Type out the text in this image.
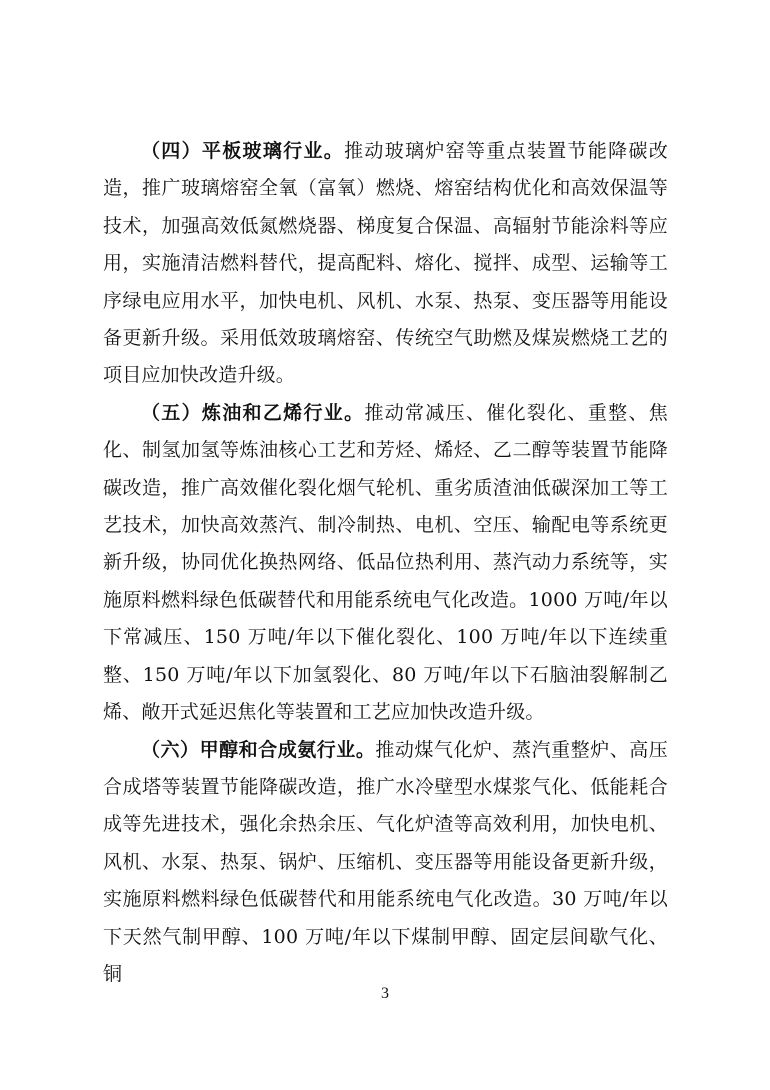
（四）平板玻璃行业。推动玻璃炉窑等重点装置节能降碳改造，推广玻璃熔窑全氧（富氧）燃烧、熔窑结构优化和高效保温等技术，加强高效低氮燃烧器、梯度复合保温、高辐射节能涂料等应用，实施清洁燃料替代，提高配料、熔化、搅拌、成型、运输等工序绿电应用水平，加快电机、风机、水泵、热泵、变压器等用能设备更新升级。采用低效玻璃熔窑、传统空气助燃及煤炭燃烧工艺的项目应加快改造升级。

（五）炼油和乙烯行业。推动常减压、催化裂化、重整、焦化、制氢加氢等炼油核心工艺和芳烃、烯烃、乙二醇等装置节能降碳改造，推广高效催化裂化烟气轮机、重劣质渣油低碳深加工等工艺技术，加快高效蒸汽、制冷制热、电机、空压、输配电等系统更新升级，协同优化换热网络、低品位热利用、蒸汽动力系统等，实施原料燃料绿色低碳替代和用能系统电气化改造。1000 万吨/年以下常减压、150 万吨/年以下催化裂化、100 万吨/年以下连续重整、150 万吨/年以下加氢裂化、80 万吨/年以下石脑油裂解制乙烯、敞开式延迟焦化等装置和工艺应加快改造升级。

（六）甲醇和合成氨行业。推动煤气化炉、蒸汽重整炉、高压合成塔等装置节能降碳改造，推广水冷壁型水煤浆气化、低能耗合成等先进技术，强化余热余压、气化炉渣等高效利用，加快电机、风机、水泵、热泵、锅炉、压缩机、变压器等用能设备更新升级，实施原料燃料绿色低碳替代和用能系统电气化改造。30 万吨/年以下天然气制甲醇、100 万吨/年以下煤制甲醇、固定层间歇气化、铜

3
